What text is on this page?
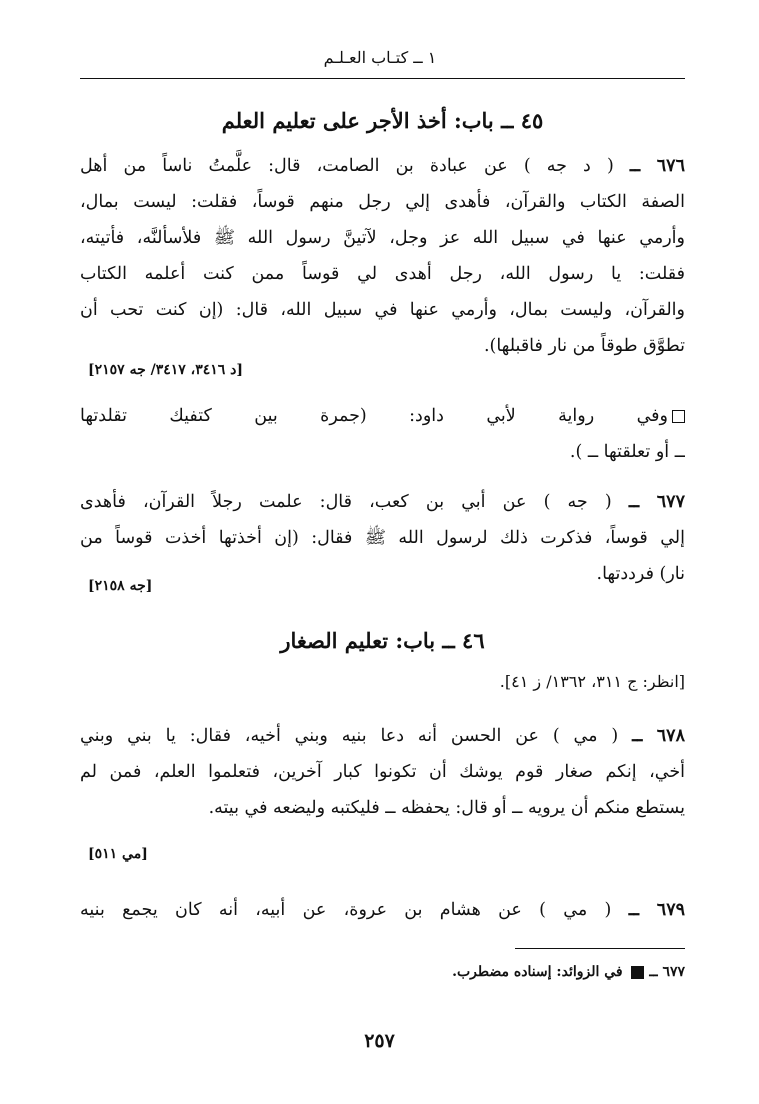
١ ــ كتـاب العـلـم
٤٥ ــ باب: أخذ الأجر على تعليم العلم
٦٧٦ ــ ( د جه ) عن عبادة بن الصامت، قال: علَّمتُ ناساً من أهل
الصفة الكتاب والقرآن، فأهدى إلي رجل منهم قوساً، فقلت: ليست بمال،
وأرمي عنها في سبيل الله عز وجل، لآتينَّ رسول الله ﷺ فلأسألنَّه، فأتيته،
فقلت: يا رسول الله، رجل أهدى لي قوساً ممن كنت أعلمه الكتاب
والقرآن، وليست بمال، وأرمي عنها في سبيل الله، قال: (إن كنت تحب أن
تطوَّق طوقاً من نار فاقبلها).
[د ٣٤١٦، ٣٤١٧/ جه ٢١٥٧]
وفي رواية لأبي داود: (جمرة بين كتفيك تقلدتها
ــ أو تعلقتها ــ ).
٦٧٧ ــ ( جه ) عن أبي بن كعب، قال: علمت رجلاً القرآن، فأهدى
إلي قوساً، فذكرت ذلك لرسول الله ﷺ فقال: (إن أخذتها أخذت قوساً من
نار) فرددتها.
[جه ٢١٥٨]
٤٦ ــ باب: تعليم الصغار
[انظر: ج ٣١١، ١٣٦٢/ ز ٤١].
٦٧٨ ــ ( مي ) عن الحسن أنه دعا بنيه وبني أخيه، فقال: يا بني وبني
أخي، إنكم صغار قوم يوشك أن تكونوا كبار آخرين، فتعلموا العلم، فمن لم
يستطع منكم أن يرويه ــ أو قال: يحفظه ــ فليكتبه وليضعه في بيته.
[مي ٥١١]
٦٧٩ ــ ( مي ) عن هشام بن عروة، عن أبيه، أنه كان يجمع بنيه
٦٧٧ ــ  في الزوائد: إسناده مضطرب.
٢٥٧
